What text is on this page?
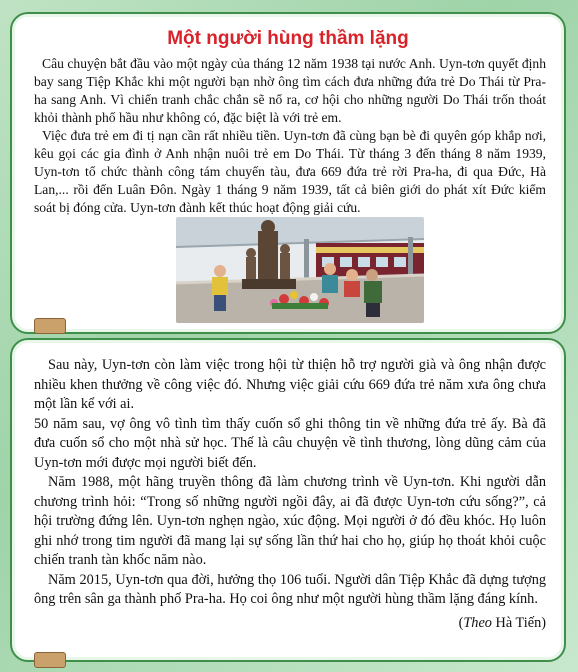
Một người hùng thầm lặng

Câu chuyện bắt đầu vào một ngày của tháng 12 năm 1938 tại nước Anh. Uyn-tơn quyết định bay sang Tiệp Khắc khi một người bạn nhờ ông tìm cách đưa những đứa trẻ Do Thái từ Pra-ha sang Anh. Vì chiến tranh chắc chắn sẽ nổ ra, cơ hội cho những người Do Thái trốn thoát khỏi thành phố hầu như không có, đặc biệt là với trẻ em.

Việc đưa trẻ em đi tị nạn cần rất nhiều tiền. Uyn-tơn đã cùng bạn bè đi quyên góp khắp nơi, kêu gọi các gia đình ở Anh nhận nuôi trẻ em Do Thái. Từ tháng 3 đến tháng 8 năm 1939, Uyn-tơn tổ chức thành công tám chuyến tàu, đưa 669 đứa trẻ rời Pra-ha, đi qua Đức, Hà Lan,... rồi đến Luân Đôn. Ngày 1 tháng 9 năm 1939, tất cả biên giới do phát xít Đức kiểm soát bị đóng cửa. Uyn-tơn đành kết thúc hoạt động giải cứu.

Sau này, Uyn-tơn còn làm việc trong hội từ thiện hỗ trợ người già và ông nhận được nhiều khen thưởng về công việc đó. Nhưng việc giải cứu 669 đứa trẻ năm xưa ông chưa một lần kể với ai.

50 năm sau, vợ ông vô tình tìm thấy cuốn sổ ghi thông tin về những đứa trẻ ấy. Bà đã đưa cuốn sổ cho một nhà sử học. Thế là câu chuyện về tình thương, lòng dũng cảm của Uyn-tơn mới được mọi người biết đến.

Năm 1988, một hãng truyền thông đã làm chương trình về Uyn-tơn. Khi người dẫn chương trình hỏi: “Trong số những người ngồi đây, ai đã được Uyn-tơn cứu sống?”, cả hội trường đứng lên. Uyn-tơn nghẹn ngào, xúc động. Mọi người ở đó đều khóc. Họ luôn ghi nhớ trong tim người đã mang lại sự sống lần thứ hai cho họ, giúp họ thoát khỏi cuộc chiến tranh tàn khốc năm nào.

Năm 2015, Uyn-tơn qua đời, hưởng thọ 106 tuổi. Người dân Tiệp Khắc đã dựng tượng ông trên sân ga thành phố Pra-ha. Họ coi ông như một người hùng thầm lặng đáng kính.

(Theo Hà Tiến)
